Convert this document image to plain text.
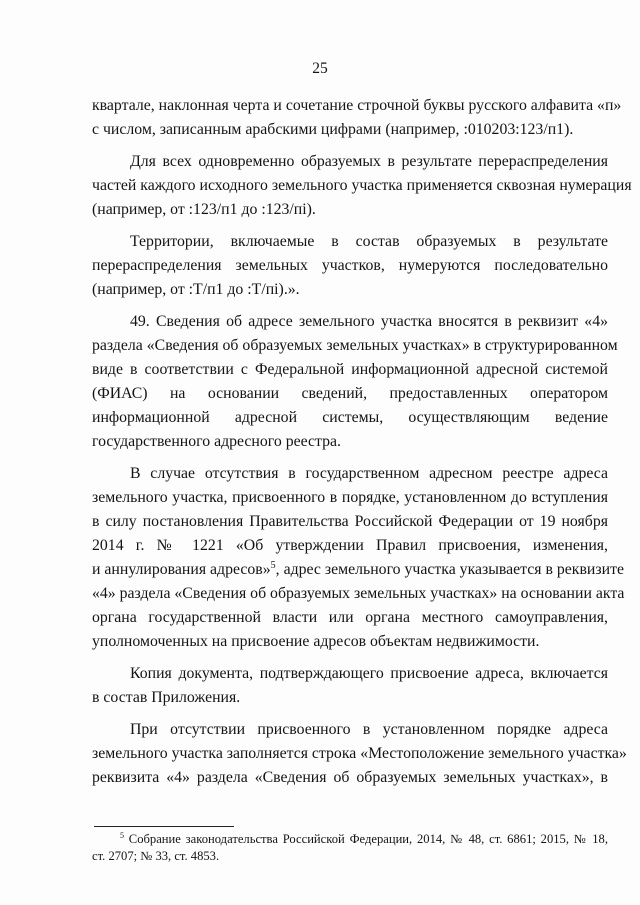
25
квартале, наклонная черта и сочетание строчной буквы русского алфавита «п»
с числом, записанным арабскими цифрами (например, :010203:123/п1).
Для всех одновременно образуемых в результате перераспределения
частей каждого исходного земельного участка применяется сквозная нумерация
(например, от :123/п1 до :123/пi).
Территории, включаемые в состав образуемых в результате
перераспределения земельных участков, нумеруются последовательно
(например, от :Т/п1 до :Т/пi).».
49. Сведения об адресе земельного участка вносятся в реквизит «4»
раздела «Сведения об образуемых земельных участках» в структурированном
виде в соответствии с Федеральной информационной адресной системой
(ФИАС) на основании сведений, предоставленных оператором
информационной адресной системы, осуществляющим ведение
государственного адресного реестра.
В случае отсутствия в государственном адресном реестре адреса
земельного участка, присвоенного в порядке, установленном до вступления
в силу постановления Правительства Российской Федерации от 19 ноября
2014 г. № 1221 «Об утверждении Правил присвоения, изменения,
и аннулирования адресов»$^5$, адрес земельного участка указывается в реквизите
«4» раздела «Сведения об образуемых земельных участках» на основании акта
органа государственной власти или органа местного самоуправления,
уполномоченных на присвоение адресов объектам недвижимости.
Копия документа, подтверждающего присвоение адреса, включается
в состав Приложения.
При отсутствии присвоенного в установленном порядке адреса
земельного участка заполняется строка «Местоположение земельного участка»
реквизита «4» раздела «Сведения об образуемых земельных участках», в
$^5$ Собрание законодательства Российской Федерации, 2014, № 48, ст. 6861; 2015, № 18,
ст. 2707; № 33, ст. 4853.
